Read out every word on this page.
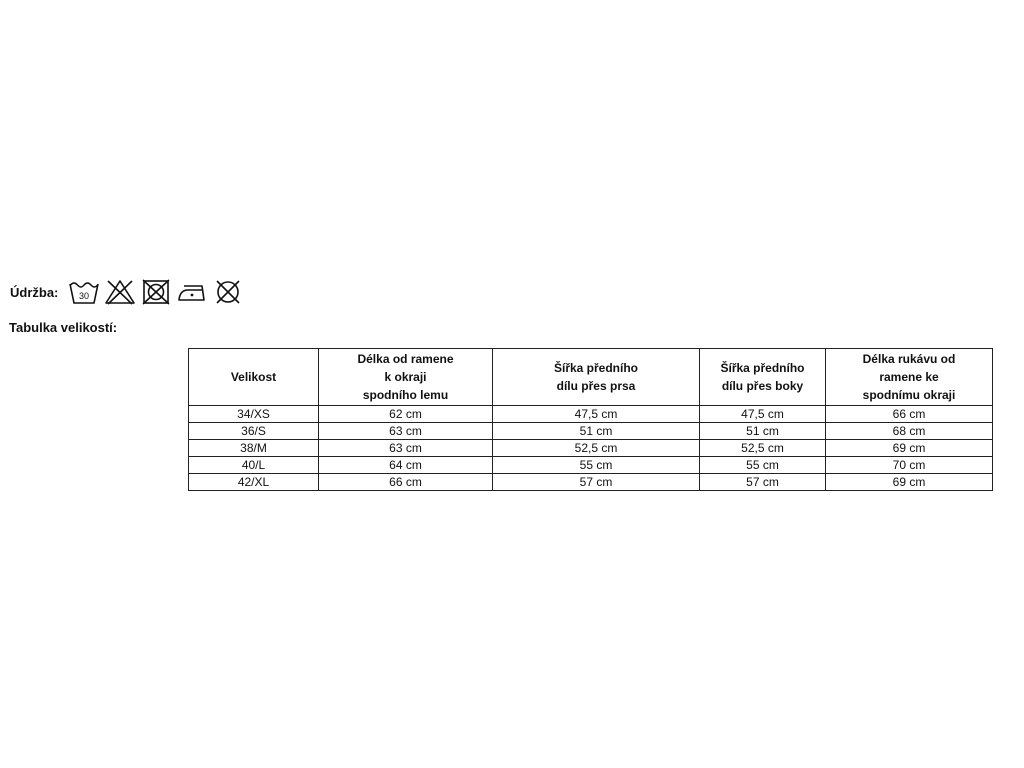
Údržba: 30
Tabulka velikostí:
Velikost	Délka od ramene
k okraji
spodního lemu	Šířka předního
dílu přes prsa	Šířka předního
dílu přes boky	Délka rukávu od
ramene ke
spodnímu okraji
34/XS	62 cm	47,5 cm	47,5 cm	66 cm
36/S	63 cm	51 cm	51 cm	68 cm
38/M	63 cm	52,5 cm	52,5 cm	69 cm
40/L	64 cm	55 cm	55 cm	70 cm
42/XL	66 cm	57 cm	57 cm	69 cm
